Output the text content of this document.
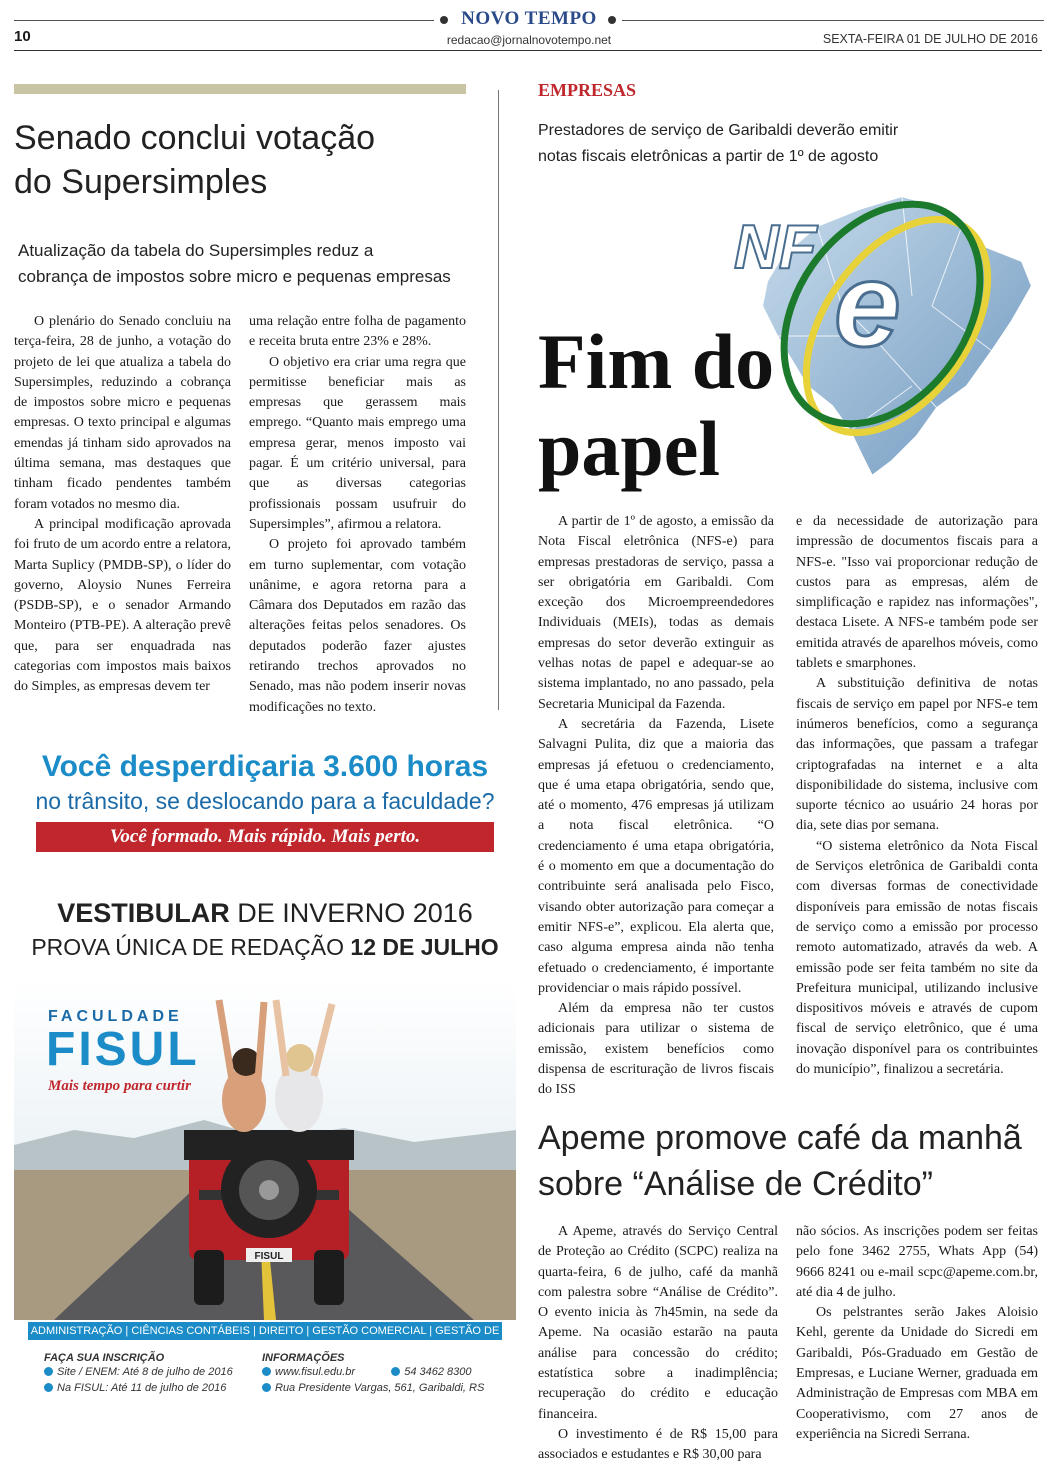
NOVO TEMPO
10	redacao@jornalnovotempo.net	SEXTA-FEIRA 01 DE JULHO DE 2016
Senado conclui votação
do Supersimples
Atualização da tabela do Supersimples reduz a
cobrança de impostos sobre micro e pequenas empresas

O plenário do Senado concluiu na terça-feira, 28 de junho, a votação do projeto de lei que atualiza a tabela do Supersimples, reduzindo a cobrança de impostos sobre micro e pequenas empresas. O texto principal e algumas emendas já tinham sido aprovados na última semana, mas destaques que tinham ficado pendentes também foram votados no mesmo dia.

A principal modificação aprovada foi fruto de um acordo entre a relatora, Marta Suplicy (PMDB-SP), o líder do governo, Aloysio Nunes Ferreira (PSDB-SP), e o senador Armando Monteiro (PTB-PE). A alteração prevê que, para ser enquadrada nas categorias com impostos mais baixos do Simples, as empresas devem ter

uma relação entre folha de pagamento e receita bruta entre 23% e 28%.

O objetivo era criar uma regra que permitisse beneficiar mais as empresas que gerassem mais emprego. “Quanto mais emprego uma empresa gerar, menos imposto vai pagar. É um critério universal, para que as diversas categorias profissionais possam usufruir do Supersimples”, afirmou a relatora.

O projeto foi aprovado também em turno suplementar, com votação unânime, e agora retorna para a Câmara dos Deputados em razão das alterações feitas pelos senadores. Os deputados poderão fazer ajustes retirando trechos aprovados no Senado, mas não podem inserir novas modificações no texto.

EMPRESAS
Prestadores de serviço de Garibaldi deverão emitir
notas fiscais eletrônicas a partir de 1º de agosto
NF e
Fim do
papel

A partir de 1º de agosto, a emissão da Nota Fiscal eletrônica (NFS-e) para empresas prestadoras de serviço, passa a ser obrigatória em Garibaldi. Com exceção dos Microempreendedores Individuais (MEIs), todas as demais empresas do setor deverão extinguir as velhas notas de papel e adequar-se ao sistema implantado, no ano passado, pela Secretaria Municipal da Fazenda.

A secretária da Fazenda, Lisete Salvagni Pulita, diz que a maioria das empresas já efetuou o credenciamento, que é uma etapa obrigatória, sendo que, até o momento, 476 empresas já utilizam a nota fiscal eletrônica. “O credenciamento é uma etapa obrigatória, é o momento em que a documentação do contribuinte será analisada pelo Fisco, visando obter autorização para começar a emitir NFS-e”, explicou. Ela alerta que, caso alguma empresa ainda não tenha efetuado o credenciamento, é importante providenciar o mais rápido possível.

Além da empresa não ter custos adicionais para utilizar o sistema de emissão, existem benefícios como dispensa de escrituração de livros fiscais do ISS

e da necessidade de autorização para impressão de documentos fiscais para a NFS-e. "Isso vai proporcionar redução de custos para as empresas, além de simplificação e rapidez nas informações", destaca Lisete. A NFS-e também pode ser emitida através de aparelhos móveis, como tablets e smarphones.

A substituição definitiva de notas fiscais de serviço em papel por NFS-e tem inúmeros benefícios, como a segurança das informações, que passam a trafegar criptografadas na internet e a alta disponibilidade do sistema, inclusive com suporte técnico ao usuário 24 horas por dia, sete dias por semana.

“O sistema eletrônico da Nota Fiscal de Serviços eletrônica de Garibaldi conta com diversas formas de conectividade disponíveis para emissão de notas fiscais de serviço como a emissão por processo remoto automatizado, através da web. A emissão pode ser feita também no site da Prefeitura municipal, utilizando inclusive dispositivos móveis e através de cupom fiscal de serviço eletrônico, que é uma inovação disponível para os contribuintes do município”, finalizou a secretária.

Apeme promove café da manhã
sobre “Análise de Crédito”

A Apeme, através do Serviço Central de Proteção ao Crédito (SCPC) realiza na quarta-feira, 6 de julho, café da manhã com palestra sobre “Análise de Crédito”. O evento inicia às 7h45min, na sede da Apeme. Na ocasião estarão na pauta análise para concessão do crédito; estatística sobre a inadimplência; recuperação do crédito e educação financeira.

O investimento é de R$ 15,00 para associados e estudantes e R$ 30,00 para

não sócios. As inscrições podem ser feitas pelo fone 3462 2755, Whats App (54) 9666 8241 ou e-mail scpc@apeme.com.br, até dia 4 de julho.

Os pelstrantes serão Jakes Aloisio Kehl, gerente da Unidade do Sicredi em Garibaldi, Pós-Graduado em Gestão de Empresas, e Luciane Werner, graduada em Administração de Empresas com MBA em Cooperativismo, com 27 anos de experiência na Sicredi Serrana.

Você desperdiçaria 3.600 horas
no trânsito, se deslocando para a faculdade?
Você formado. Mais rápido. Mais perto.
VESTIBULAR DE INVERNO 2016
PROVA ÚNICA DE REDAÇÃO 12 DE JULHO
FISUL
FACULDADE
FISUL
Mais tempo para curtir
ADMINISTRAÇÃO | CIÊNCIAS CONTÁBEIS | DIREITO | GESTÃO COMERCIAL | GESTÃO DE RECURSOS HUMANOS
FAÇA SUA INSCRIÇÃO
Site / ENEM: Até 8 de julho de 2016
Na FISUL: Até 11 de julho de 2016
INFORMAÇÕES
www.fisul.edu.br	54 3462 8300
Rua Presidente Vargas, 561, Garibaldi, RS
